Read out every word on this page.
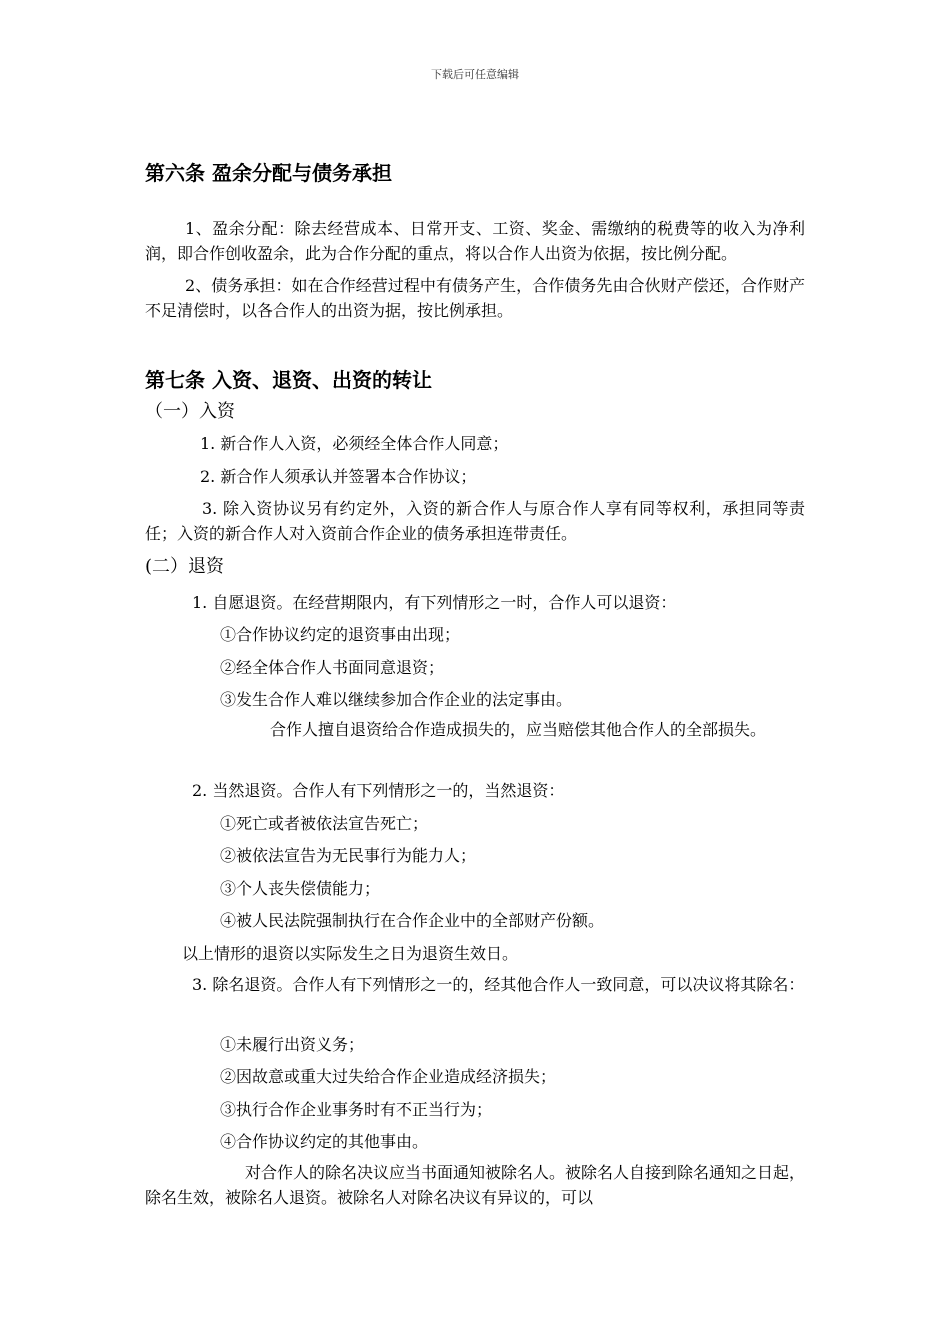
下载后可任意编辑
第六条 盈余分配与债务承担
1、盈余分配：除去经营成本、日常开支、工资、奖金、需缴纳的税费等的收入为净利润，即合作创收盈余，此为合作分配的重点，将以合作人出资为依据，按比例分配。
2、债务承担：如在合作经营过程中有债务产生，合作债务先由合伙财产偿还，合作财产不足清偿时，以各合作人的出资为据，按比例承担。
第七条 入资、退资、出资的转让
（一）入资
1. 新合作人入资，必须经全体合作人同意；
2. 新合作人须承认并签署本合作协议；
3. 除入资协议另有约定外，入资的新合作人与原合作人享有同等权利，承担同等责任；入资的新合作人对入资前合作企业的债务承担连带责任。
(二）退资
1. 自愿退资。在经营期限内，有下列情形之一时，合作人可以退资：
①合作协议约定的退资事由出现；
②经全体合作人书面同意退资；
③发生合作人难以继续参加合作企业的法定事由。
合作人擅自退资给合作造成损失的，应当赔偿其他合作人的全部损失。
2. 当然退资。合作人有下列情形之一的，当然退资：
①死亡或者被依法宣告死亡；
②被依法宣告为无民事行为能力人；
③个人丧失偿债能力；
④被人民法院强制执行在合作企业中的全部财产份额。
以上情形的退资以实际发生之日为退资生效日。
3. 除名退资。合作人有下列情形之一的，经其他合作人一致同意，可以决议将其除名：
①未履行出资义务；
②因故意或重大过失给合作企业造成经济损失；
③执行合作企业事务时有不正当行为；
④合作协议约定的其他事由。
对合作人的除名决议应当书面通知被除名人。被除名人自接到除名通知之日起，除名生效，被除名人退资。被除名人对除名决议有异议的，可以
